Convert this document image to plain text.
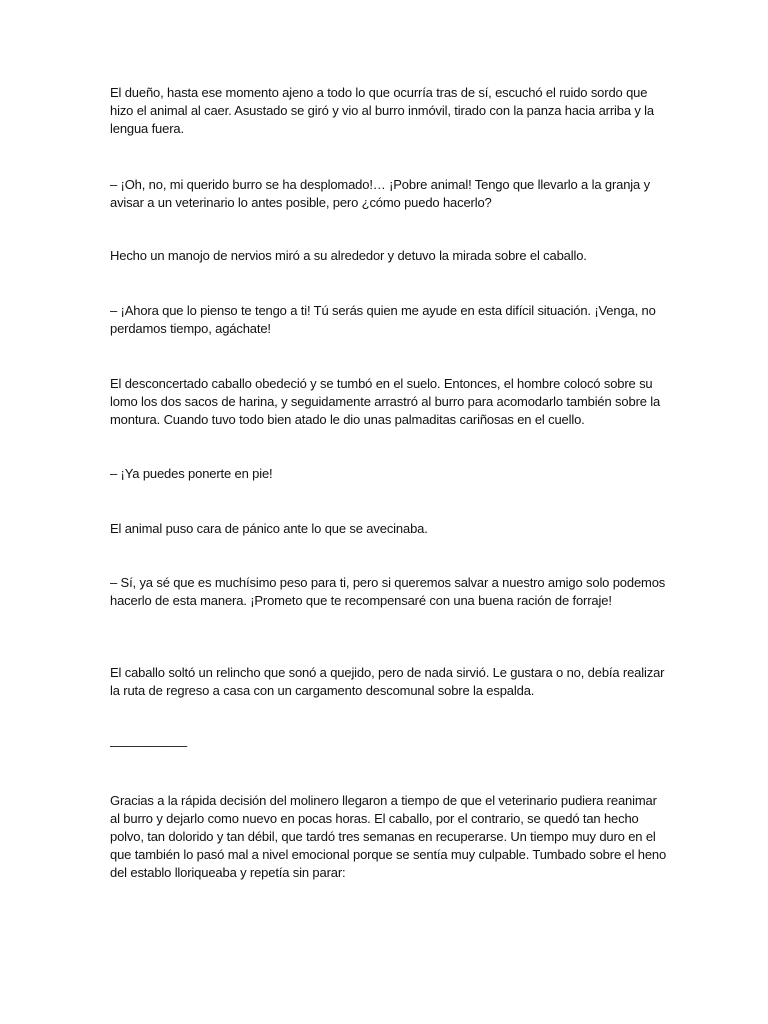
El dueño, hasta ese momento ajeno a todo lo que ocurría tras de sí, escuchó el ruido sordo que hizo el animal al caer. Asustado se giró y vio al burro inmóvil, tirado con la panza hacia arriba y la lengua fuera.

– ¡Oh, no, mi querido burro se ha desplomado!… ¡Pobre animal! Tengo que llevarlo a la granja y avisar a un veterinario lo antes posible, pero ¿cómo puedo hacerlo?

Hecho un manojo de nervios miró a su alrededor y detuvo la mirada sobre el caballo.

– ¡Ahora que lo pienso te tengo a ti! Tú serás quien me ayude en esta difícil situación. ¡Venga, no perdamos tiempo, agáchate!

El desconcertado caballo obedeció y se tumbó en el suelo. Entonces, el hombre colocó sobre su lomo los dos sacos de harina, y seguidamente arrastró al burro para acomodarlo también sobre la montura. Cuando tuvo todo bien atado le dio unas palmaditas cariñosas en el cuello.

– ¡Ya puedes ponerte en pie!

El animal puso cara de pánico ante lo que se avecinaba.

– Sí, ya sé que es muchísimo peso para ti, pero si queremos salvar a nuestro amigo solo podemos hacerlo de esta manera. ¡Prometo que te recompensaré con una buena ración de forraje!

El caballo soltó un relincho que sonó a quejido, pero de nada sirvió. Le gustara o no, debía realizar la ruta de regreso a casa con un cargamento descomunal sobre la espalda.

——————

Gracias a la rápida decisión del molinero llegaron a tiempo de que el veterinario pudiera reanimar al burro y dejarlo como nuevo en pocas horas. El caballo, por el contrario, se quedó tan hecho polvo, tan dolorido y tan débil, que tardó tres semanas en recuperarse. Un tiempo muy duro en el que también lo pasó mal a nivel emocional porque se sentía muy culpable. Tumbado sobre el heno del establo lloriqueaba y repetía sin parar:
